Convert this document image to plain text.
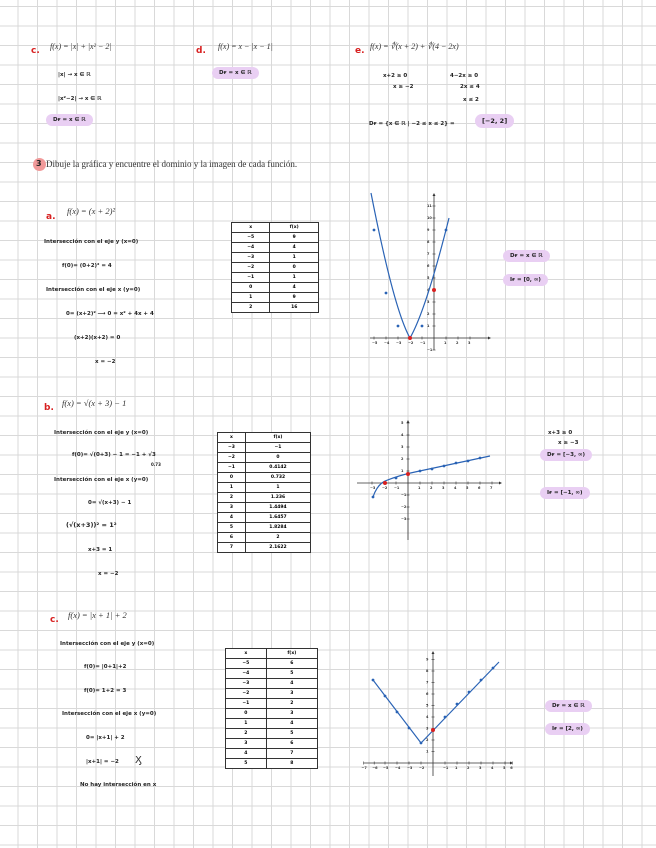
c. f(x) = |x| + |x² − 2|
|x| → x ∈ ℝ
|x²−2| → x ∈ ℝ
Dғ = x ∈ ℝ
d. f(x) = x − |x − 1|
Dғ = x ∈ ℝ
e. f(x) = ∜(x + 2) + ∜(4 − 2x)
x+2 ≥ 0	4−2x ≥ 0
x ≥ −2	2x ≤ 4
x ≤ 2
Dғ = {x ∈ ℝ | −2 ≤ x ≤ 2} =	[−2, 2]
3 Dibuje la gráfica y encuentre el dominio y la imagen de cada función.
a.
f(x) = (x + 2)²
Intersección con el eje y (x=0)
f(0)= (0+2)² = 4
Intersección con el eje x (y=0)
0= (x+2)² ⟶ 0 = x² + 4x + 4
(x+2)(x+2) = 0
x = −2
x	f(x)
−5	9
−4	4
−3	1
−2	0
−1	1
0	4
1	9
2	16
−5 −4 −3 −2 −1	1	2	3
11
10
9
8
7
6
5
4
3
2
1
−1
Dғ = x ∈ ℝ
Iғ = [0, ∞)
b. f(x) = √(x + 3) − 1
Intersección con el eje y (x=0)
f(0)= √(0+3) − 1 = −1 + √3
0.73
Intersección con el eje x (y=0)
0= √(x+3) − 1
(√(x+3))² = 1²
x+3 = 1
x = −2
x	f(x)
−3	−1
−2	0
−1	0.4142
0	0.732
1	1
2	1.236
3	1.4494
4	1.6457
5	1.8284
6	2
7	2.1622
−3 −2 −1	1	2	3	4	5	6	7
5
4
3
2
1
−1
−2
−3
x+3 ≥ 0
x ≥ −3
Dғ = [−3, ∞)
Iғ = [−1, ∞)
c. f(x) = |x + 1| + 2
Intersección con el eje y (x=0)
f(0)= |0+1|+2
f(0)= 1+2 = 3
Intersección con el eje x (y=0)
0= |x+1| + 2
|x+1| = −2 Ӽ
No hay intersección en x
x	f(x)
−5	6
−4	5
−3	4
−2	3
−1	2
0	3
1	4
2	5
3	6
4	7
5	8
−7 −6 −5 −4 −3 −2	−1 1	2	3	4	5 6
9
8
7
6
5
4
3
2
1
Dғ = x ∈ ℝ
Iғ = [2, ∞)
